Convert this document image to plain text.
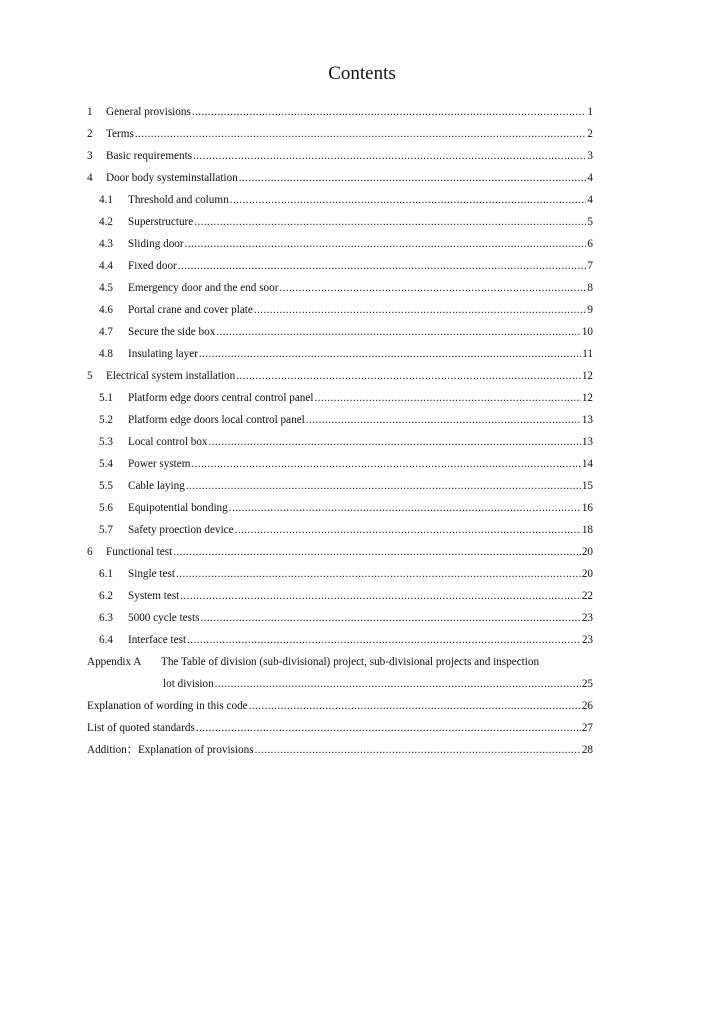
Contents
1	General provisions .....	1
2	Terms .....	2
3	Basic requirements .....	3
4	Door body systeminstallation .....	4
4.1	Threshold and column .....	4
4.2	Superstructure .....	5
4.3	Sliding door .....	6
4.4	Fixed door .....	7
4.5	Emergency door and the end soor .....	8
4.6	Portal crane and cover plate .....	9
4.7	Secure the side box .....	10
4.8	Insulating layer .....	11
5	Electrical system installation .....	12
5.1	Platform edge doors central control panel .....	12
5.2	Platform edge doors local control panel .....	13
5.3	Local control box .....	13
5.4	Power system .....	14
5.5	Cable laying .....	15
5.6	Equipotential bonding .....	16
5.7	Safety proection device .....	18
6	Functional test .....	20
6.1	Single test .....	20
6.2	System test .....	22
6.3	5000 cycle tests .....	23
6.4	Interface test .....	23
Appendix A	The Table of division (sub-divisional) project, sub-divisional projects and inspection
lot division .....	25
Explanation of wording in this code .....	26
List of quoted standards .....	27
Addition：Explanation of provisions .....	28
